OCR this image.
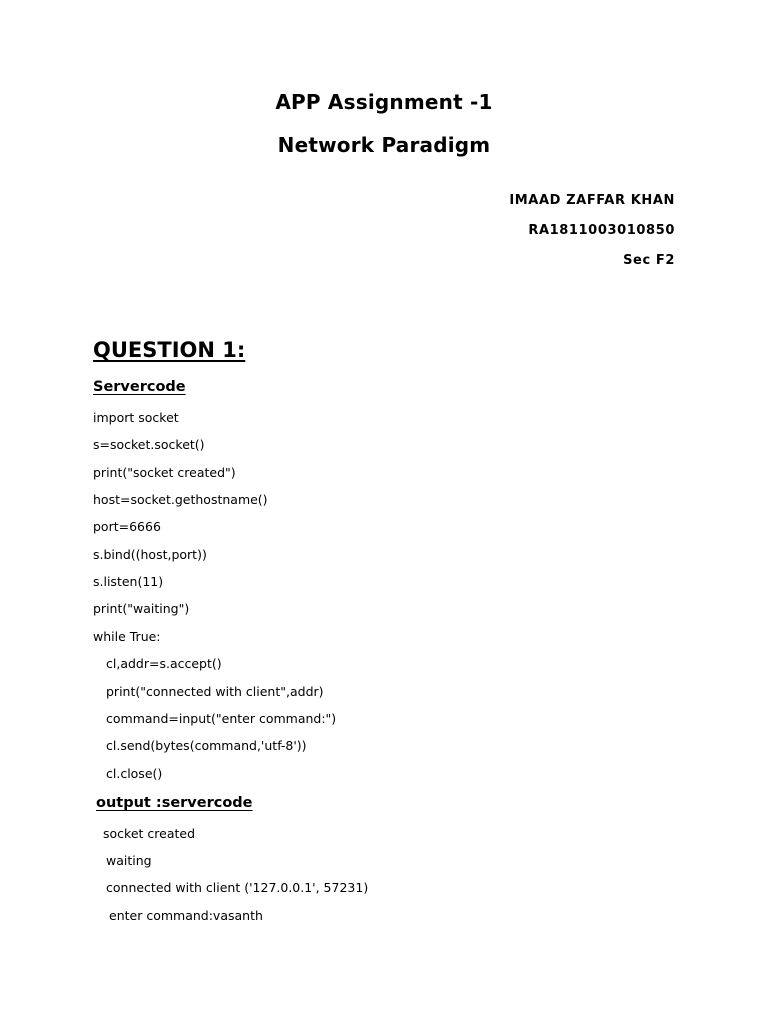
APP Assignment -1
Network Paradigm
IMAAD ZAFFAR KHAN
RA1811003010850
Sec F2
QUESTION 1:
Servercode
import socket
s=socket.socket()
print("socket created")
host=socket.gethostname()
port=6666
s.bind((host,port))
s.listen(11)
print("waiting")
while True:
cl,addr=s.accept()
print("connected with client",addr)
command=input("enter command:")
cl.send(bytes(command,'utf-8'))
cl.close()
output :servercode
socket created
waiting
connected with client ('127.0.0.1', 57231)
enter command:vasanth
